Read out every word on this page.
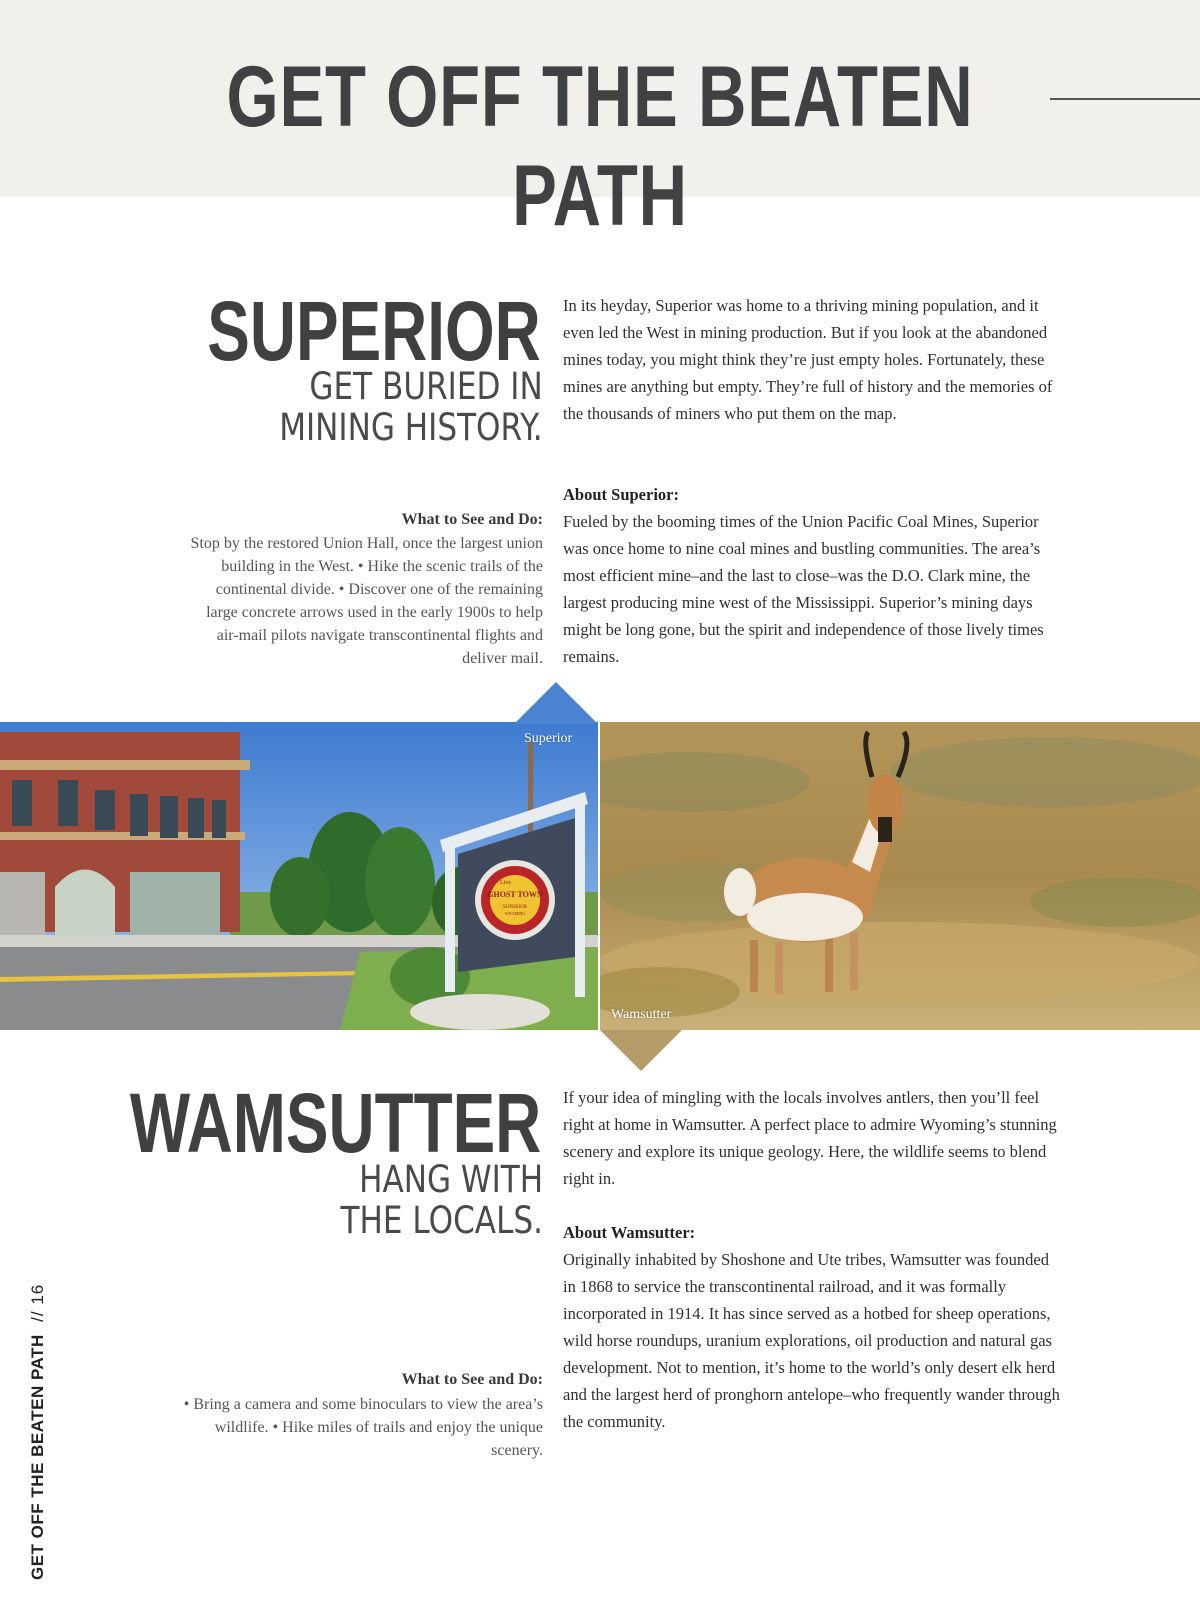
GET OFF THE BEATEN PATH
SUPERIOR
GET BURIED IN
MINING HISTORY.
In its heyday, Superior was home to a thriving mining population, and it even led the West in mining production. But if you look at the abandoned mines today, you might think they’re just empty holes. Fortunately, these mines are anything but empty. They’re full of history and the memories of the thousands of miners who put them on the map.
About Superior:
Fueled by the booming times of the Union Pacific Coal Mines, Superior was once home to nine coal mines and bustling communities. The area’s most efficient mine–and the last to close–was the D.O. Clark mine, the largest producing mine west of the Mississippi. Superior’s mining days might be long gone, but the spirit and independence of those lively times remains.
What to See and Do:
Stop by the restored Union Hall, once the largest union building in the West. • Hike the scenic trails of the continental divide. • Discover one of the remaining large concrete arrows used in the early 1900s to help air-mail pilots navigate transcontinental flights and deliver mail.
Live
GHOST TOWN
SUPERIOR
WYOMING
Superior
Wamsutter
WAMSUTTER
HANG WITH
THE LOCALS.
If your idea of mingling with the locals involves antlers, then you’ll feel right at home in Wamsutter. A perfect place to admire Wyoming’s stunning scenery and explore its unique geology. Here, the wildlife seems to blend right in.
About Wamsutter:
Originally inhabited by Shoshone and Ute tribes, Wamsutter was founded in 1868 to service the transcontinental railroad, and it was formally incorporated in 1914. It has since served as a hotbed for sheep operations, wild horse roundups, uranium explorations, oil production and natural gas development. Not to mention, it’s home to the world’s only desert elk herd and the largest herd of pronghorn antelope–who frequently wander through the community.
What to See and Do:
• Bring a camera and some binoculars to view the area’s wildlife. • Hike miles of trails and enjoy the unique scenery.
GET OFF THE BEATEN PATH // 16
